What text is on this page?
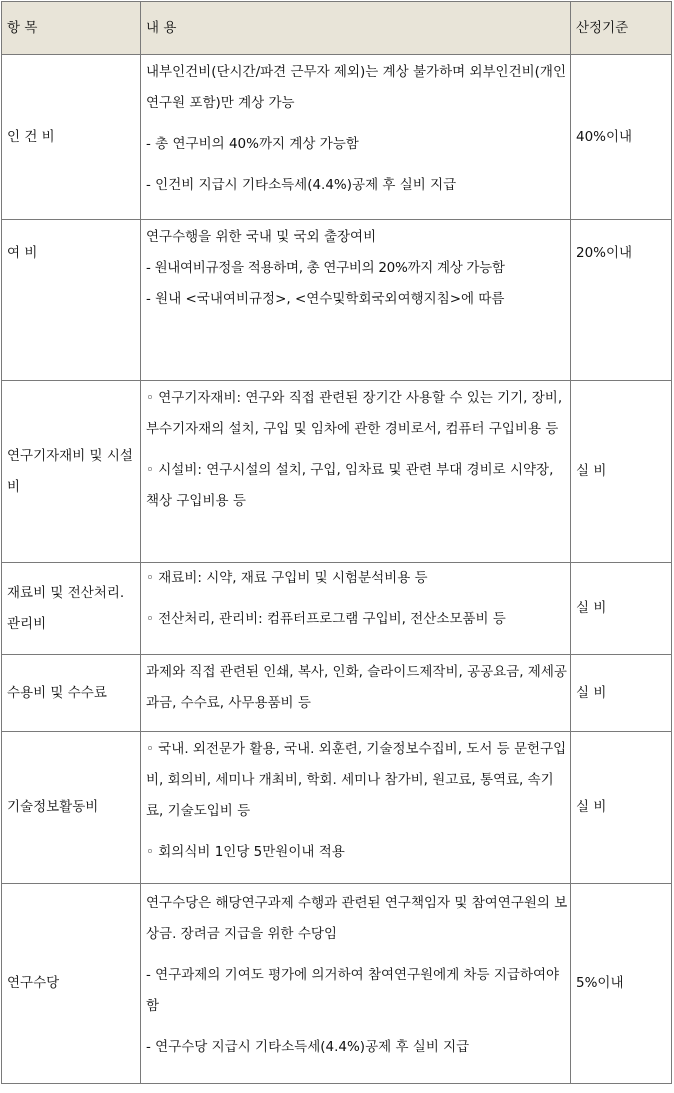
항 목	내 용	산정기준
인 건 비	내부인건비(단시간/파견 근무자 제외)는 계상 불가하며 외부인건비(개인연구원 포함)만 계상 가능

- 총 연구비의 40%까지 계상 가능함

- 인건비 지급시 기타소득세(4.4%)공제 후 실비 지급	40%이내
여 비	연구수행을 위한 국내 및 국외 출장여비

- 원내여비규정을 적용하며, 총 연구비의 20%까지 계상 가능함

- 원내 <국내여비규정>, <연수및학회국외여행지침>에 따름	20%이내
연구기자재비 및 시설비	◦ 연구기자재비: 연구와 직접 관련된 장기간 사용할 수 있는 기기, 장비, 부수기자재의 설치, 구입 및 임차에 관한 경비로서, 컴퓨터 구입비용 등

◦ 시설비: 연구시설의 설치, 구입, 임차료 및 관련 부대 경비로 시약장, 책상 구입비용 등	실 비
재료비 및 전산처리. 관리비	◦ 재료비: 시약, 재료 구입비 및 시험분석비용 등

◦ 전산처리, 관리비: 컴퓨터프로그램 구입비, 전산소모품비 등	실 비
수용비 및 수수료	과제와 직접 관련된 인쇄, 복사, 인화, 슬라이드제작비, 공공요금, 제세공과금, 수수료, 사무용품비 등	실 비
기술정보활동비	◦ 국내. 외전문가 활용, 국내. 외훈련, 기술정보수집비, 도서 등 문헌구입비, 회의비, 세미나 개최비, 학회. 세미나 참가비, 원고료, 통역료, 속기료, 기술도입비 등

◦ 회의식비 1인당 5만원이내 적용	실 비
연구수당	연구수당은 해당연구과제 수행과 관련된 연구책임자 및 참여연구원의 보상금. 장려금 지급을 위한 수당임

- 연구과제의 기여도 평가에 의거하여 참여연구원에게 차등 지급하여야 함

- 연구수당 지급시 기타소득세(4.4%)공제 후 실비 지급	5%이내
